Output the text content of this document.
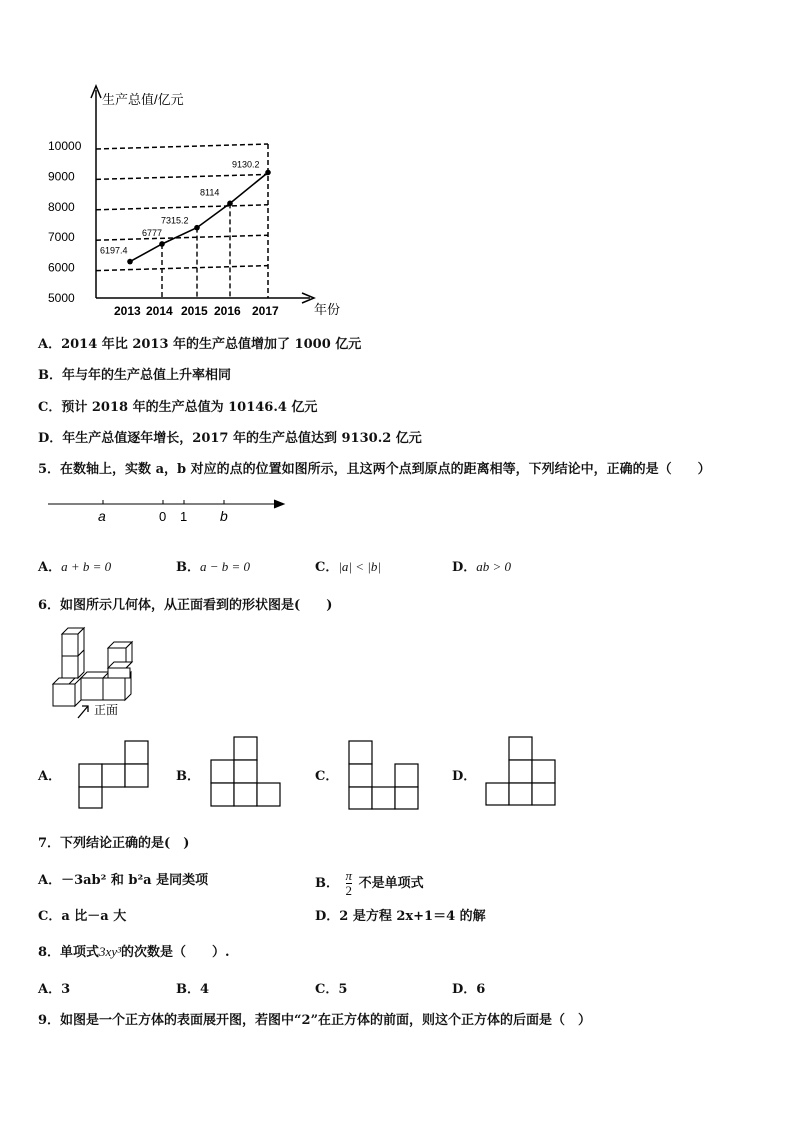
生产总值/亿元
年份
5000
6000
7000
8000
9000
10000
2013 2014 2015 2016 2017
6197.4
6777
7315.2
8114
9130.2
A．2014 年比 2013 年的生产总值增加了 1000 亿元
B．年与年的生产总值上升率相同
C．预计 2018 年的生产总值为 10146.4 亿元
D．年生产总值逐年增长，2017 年的生产总值达到 9130.2 亿元
5．在数轴上，实数 a，b 对应的点的位置如图所示，且这两个点到原点的距离相等，下列结论中，正确的是（　　）
a	0 1 b
A．a + b = 0	B．a − b = 0	C．|a| < |b|	D．ab > 0
6．如图所示几何体，从正面看到的形状图是(　　)
正面
A．	B．	C．	D．
7．下列结论正确的是(　)
A．－3ab² 和 b²a 是同类项	B． $\frac{\pi}{2}$ 不是单项式
C．a 比－a 大	D．2 是方程 2x+1＝4 的解
8．单项式3xy³的次数是（　　）.
A．3	B．4	C．5	D．6
9．如图是一个正方体的表面展开图，若图中“2”在正方体的前面，则这个正方体的后面是（　）
